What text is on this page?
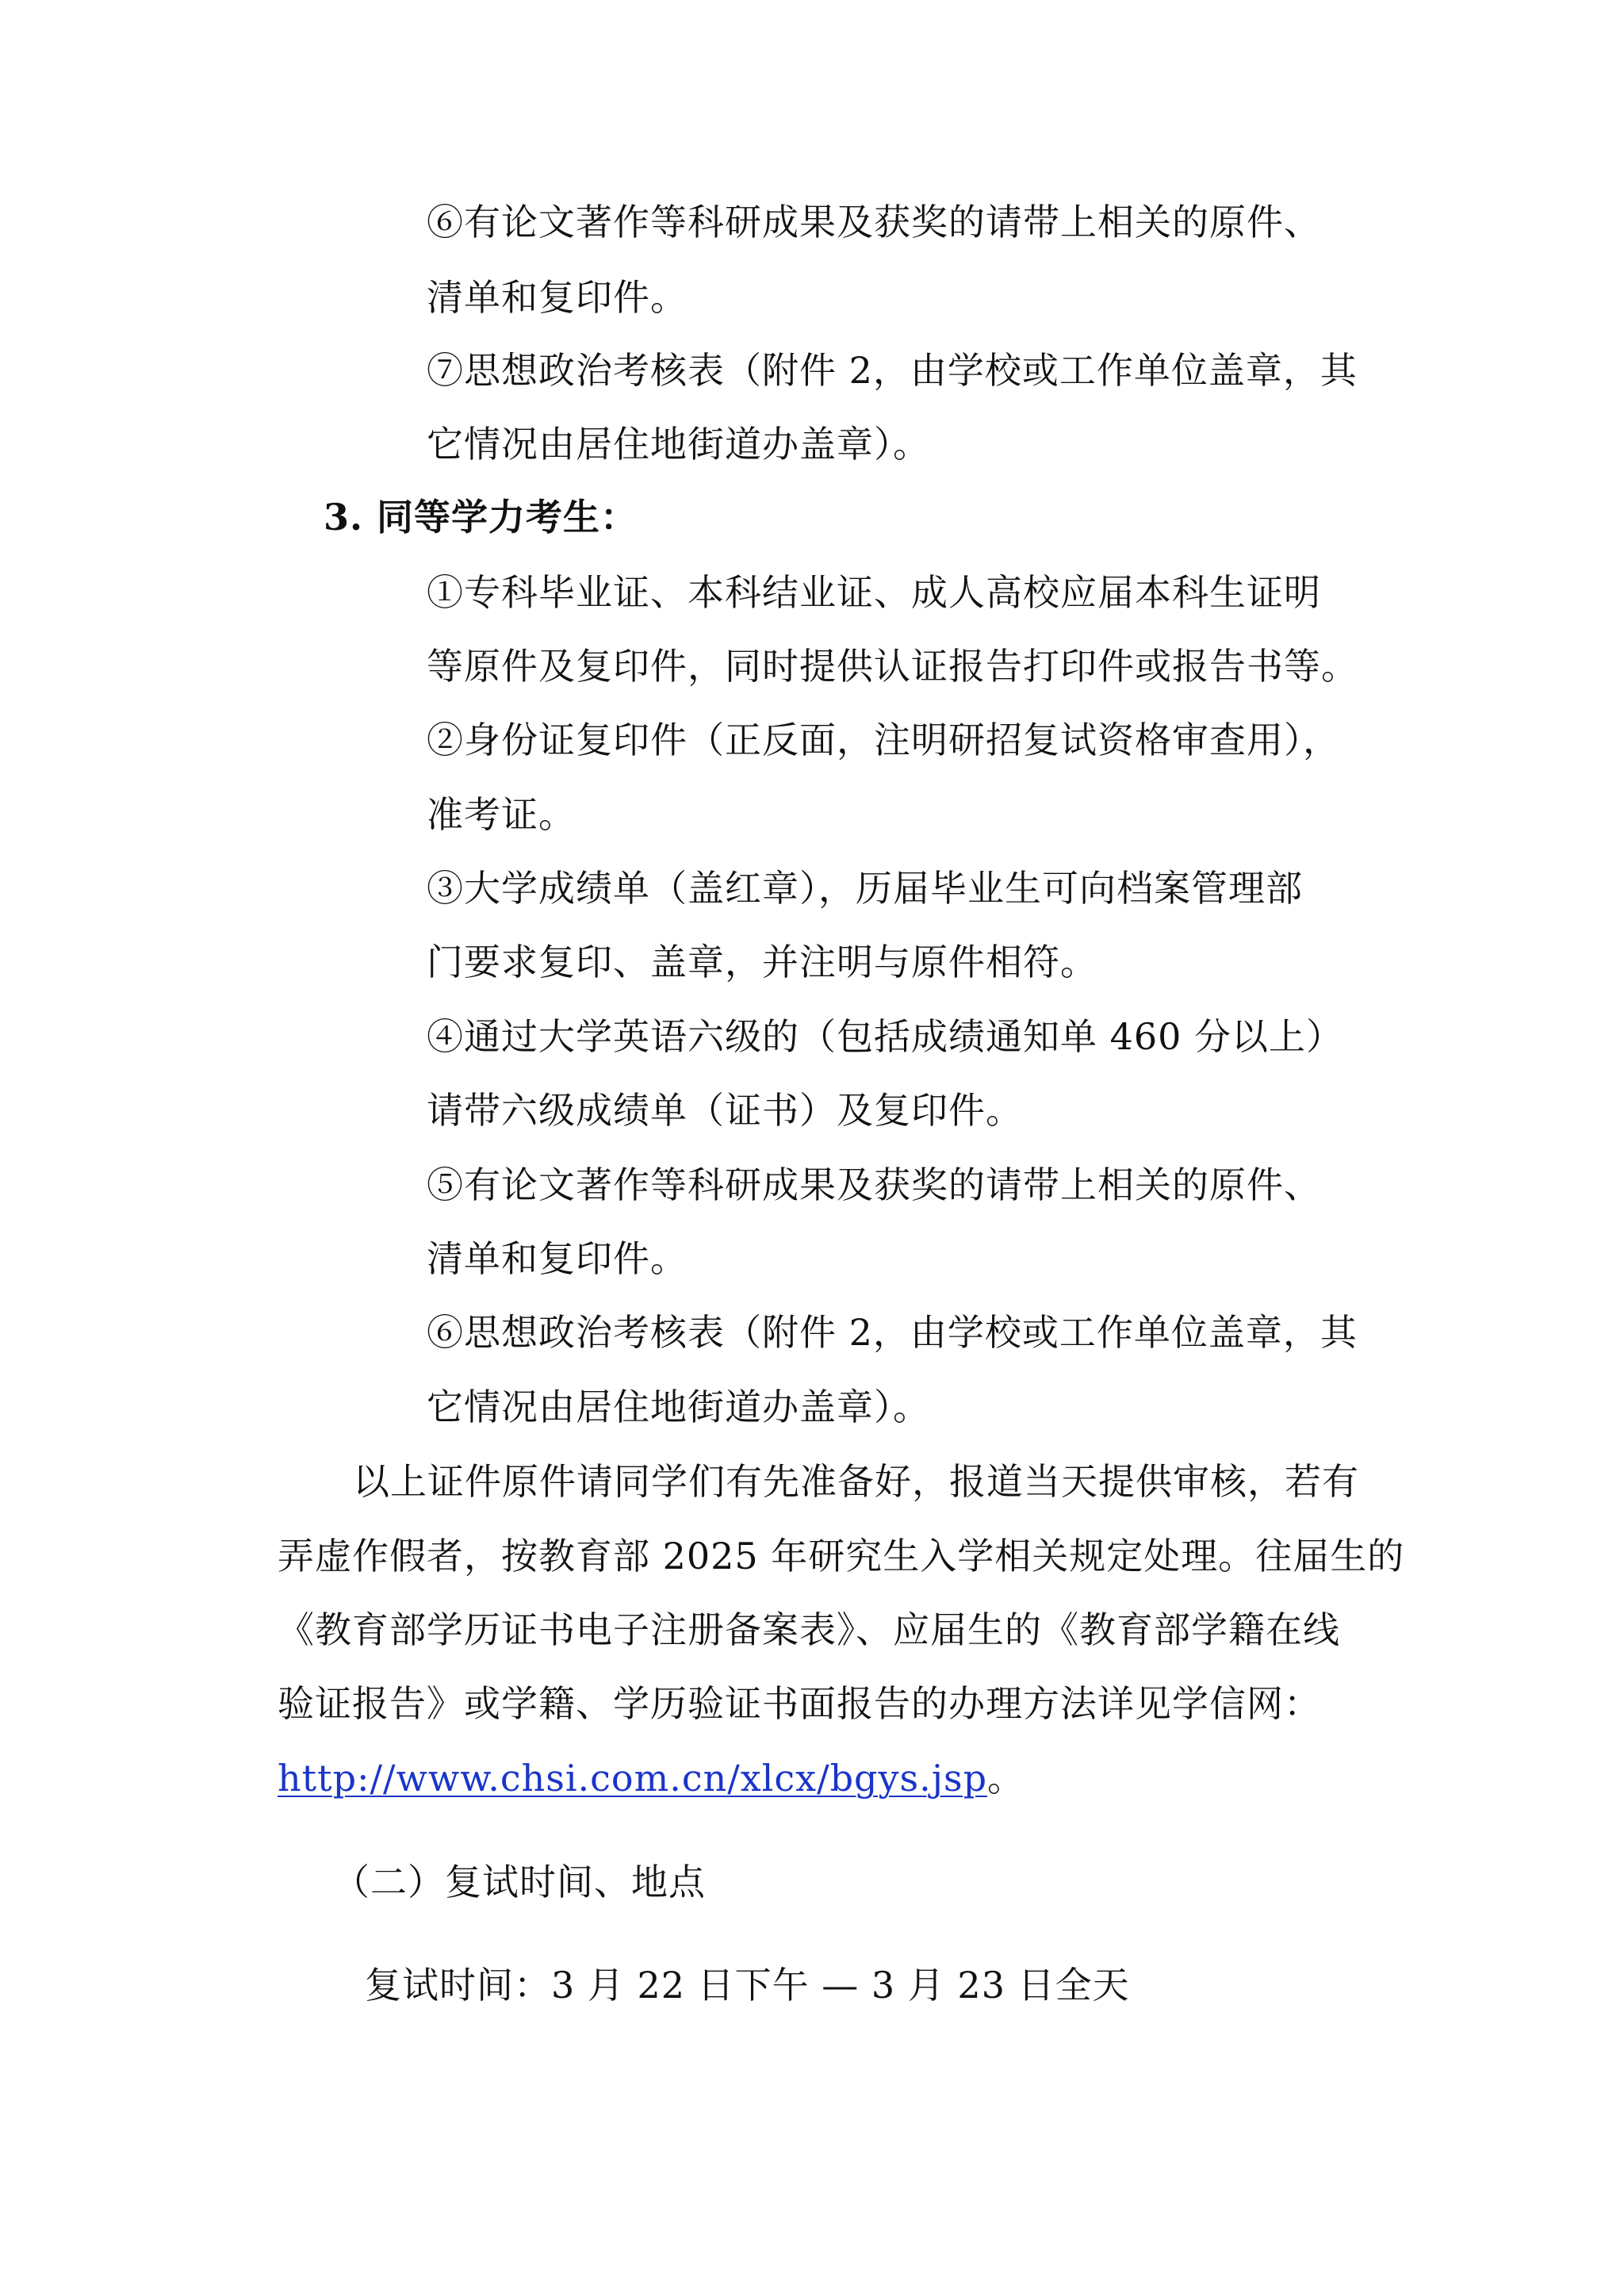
⑥有论文著作等科研成果及获奖的请带上相关的原件、
清单和复印件。
⑦思想政治考核表（附件 2，由学校或工作单位盖章，其
它情况由居住地街道办盖章）。
3. 同等学力考生：
①专科毕业证、本科结业证、成人高校应届本科生证明
等原件及复印件，同时提供认证报告打印件或报告书等。
②身份证复印件（正反面，注明研招复试资格审查用），
准考证。
③大学成绩单（盖红章），历届毕业生可向档案管理部
门要求复印、盖章，并注明与原件相符。
④通过大学英语六级的（包括成绩通知单 460 分以上）
请带六级成绩单（证书）及复印件。
⑤有论文著作等科研成果及获奖的请带上相关的原件、
清单和复印件。
⑥思想政治考核表（附件 2，由学校或工作单位盖章，其
它情况由居住地街道办盖章）。
以上证件原件请同学们有先准备好，报道当天提供审核，若有
弄虚作假者，按教育部 2025 年研究生入学相关规定处理。往届生的
《教育部学历证书电子注册备案表》、应届生的《教育部学籍在线
验证报告》或学籍、学历验证书面报告的办理方法详见学信网：
http://www.chsi.com.cn/xlcx/bgys.jsp。
（二）复试时间、地点
复试时间：3 月 22 日下午 — 3 月 23 日全天
